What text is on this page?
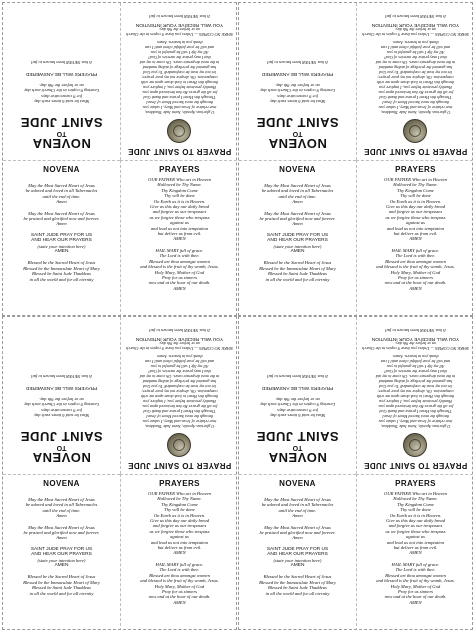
NOVENA

TO

SAINT JUDE

Must be said 6 times each day

for 9 consecutive days

Leaving 9 copies in the Church each day

on or before the 9th day.

PRAYERS WILL BE ANSWERED

It has NEVER been known to fail

PRAYER TO SAINT JUDE

O glorious Apostle, Saint Jude Thaddeus,

true relative of Jesus and Mary, I salute you

through the most Sacred Heart of Jesus!

Through this Heart I praise and thank God

for all the graces He has bestowed upon you.

Humbly prostrate before you, I implore you

through this Heart to look down upon me with

compassion. Oh, despise not my poor prayer;

let not my trust be confounded! To you God

has granted the privilege of aiding mankind

in the most desperate cases. Oh come to my aid

that I may praise the mercies of God!

All my life I will be grateful to you

and will be your faithful client until I can

thank you in heaven. Amen.

MAKE NO COPIES — Unless you leave 9 copies in the Church on or before the 9th day.

YOU WILL RECEIVE YOUR INTENTION

It has NEVER been known to fail

NOVENA

May the Most Sacred Heart of Jesus

be adored and loved in all Tabernacles

until the end of time.

Amen

May the Most Sacred Heart of Jesus

be praised and glorified now and forever.

Amen

SAINT JUDE PRAY FOR US

AND HEAR OUR PRAYERS

(state your intention here)

AMEN

Blessed be the Sacred Heart of Jesus

Blessed be the Immaculate Heart of Mary

Blessed be Saint Jude Thaddeus

in all the world and for all eternity

PRAYERS

OUR FATHER Who art in Heaven

Hallowed be Thy Name.

Thy Kingdom Come

Thy will be done

On Earth as it is in Heaven.

Give us this day our daily bread

and forgive us our trespasses

as we forgive those who trespass

against us

and lead us not into temptation

but deliver us from evil.

AMEN

HAIL MARY full of grace.

The Lord is with thee.

Blessed art thou amongst women

and blessed is the fruit of thy womb, Jesus.

Holy Mary, Mother of God

Pray for us sinners

now and at the hour of our death.

AMEN

NOVENA

TO

SAINT JUDE

Must be said 6 times each day

for 9 consecutive days

Leaving 9 copies in the Church each day

on or before the 9th day.

PRAYERS WILL BE ANSWERED

It has NEVER been known to fail

PRAYER TO SAINT JUDE

O glorious Apostle, Saint Jude Thaddeus,

true relative of Jesus and Mary, I salute you

through the most Sacred Heart of Jesus!

Through this Heart I praise and thank God

for all the graces He has bestowed upon you.

Humbly prostrate before you, I implore you

through this Heart to look down upon me with

compassion. Oh, despise not my poor prayer;

let not my trust be confounded! To you God

has granted the privilege of aiding mankind

in the most desperate cases. Oh come to my aid

that I may praise the mercies of God!

All my life I will be grateful to you

and will be your faithful client until I can

thank you in heaven. Amen.

MAKE NO COPIES — Unless you leave 9 copies in the Church on or before the 9th day.

YOU WILL RECEIVE YOUR INTENTION

It has NEVER been known to fail

NOVENA

May the Most Sacred Heart of Jesus

be adored and loved in all Tabernacles

until the end of time.

Amen

May the Most Sacred Heart of Jesus

be praised and glorified now and forever.

Amen

SAINT JUDE PRAY FOR US

AND HEAR OUR PRAYERS

(state your intention here)

AMEN

Blessed be the Sacred Heart of Jesus

Blessed be the Immaculate Heart of Mary

Blessed be Saint Jude Thaddeus

in all the world and for all eternity

PRAYERS

OUR FATHER Who art in Heaven

Hallowed be Thy Name.

Thy Kingdom Come

Thy will be done

On Earth as it is in Heaven.

Give us this day our daily bread

and forgive us our trespasses

as we forgive those who trespass

against us

and lead us not into temptation

but deliver us from evil.

AMEN

HAIL MARY full of grace.

The Lord is with thee.

Blessed art thou amongst women

and blessed is the fruit of thy womb, Jesus.

Holy Mary, Mother of God

Pray for us sinners

now and at the hour of our death.

AMEN

NOVENA

TO

SAINT JUDE

Must be said 6 times each day

for 9 consecutive days

Leaving 9 copies in the Church each day

on or before the 9th day.

PRAYERS WILL BE ANSWERED

It has NEVER been known to fail

PRAYER TO SAINT JUDE

O glorious Apostle, Saint Jude Thaddeus,

true relative of Jesus and Mary, I salute you

through the most Sacred Heart of Jesus!

Through this Heart I praise and thank God

for all the graces He has bestowed upon you.

Humbly prostrate before you, I implore you

through this Heart to look down upon me with

compassion. Oh, despise not my poor prayer;

let not my trust be confounded! To you God

has granted the privilege of aiding mankind

in the most desperate cases. Oh come to my aid

that I may praise the mercies of God!

All my life I will be grateful to you

and will be your faithful client until I can

thank you in heaven. Amen.

MAKE NO COPIES — Unless you leave 9 copies in the Church on or before the 9th day.

YOU WILL RECEIVE YOUR INTENTION

It has NEVER been known to fail

NOVENA

May the Most Sacred Heart of Jesus

be adored and loved in all Tabernacles

until the end of time.

Amen

May the Most Sacred Heart of Jesus

be praised and glorified now and forever.

Amen

SAINT JUDE PRAY FOR US

AND HEAR OUR PRAYERS

(state your intention here)

AMEN

Blessed be the Sacred Heart of Jesus

Blessed be the Immaculate Heart of Mary

Blessed be Saint Jude Thaddeus

in all the world and for all eternity

PRAYERS

OUR FATHER Who art in Heaven

Hallowed be Thy Name.

Thy Kingdom Come

Thy will be done

On Earth as it is in Heaven.

Give us this day our daily bread

and forgive us our trespasses

as we forgive those who trespass

against us

and lead us not into temptation

but deliver us from evil.

AMEN

HAIL MARY full of grace.

The Lord is with thee.

Blessed art thou amongst women

and blessed is the fruit of thy womb, Jesus.

Holy Mary, Mother of God

Pray for us sinners

now and at the hour of our death.

AMEN

NOVENA

TO

SAINT JUDE

Must be said 6 times each day

for 9 consecutive days

Leaving 9 copies in the Church each day

on or before the 9th day.

PRAYERS WILL BE ANSWERED

It has NEVER been known to fail

PRAYER TO SAINT JUDE

O glorious Apostle, Saint Jude Thaddeus,

true relative of Jesus and Mary, I salute you

through the most Sacred Heart of Jesus!

Through this Heart I praise and thank God

for all the graces He has bestowed upon you.

Humbly prostrate before you, I implore you

through this Heart to look down upon me with

compassion. Oh, despise not my poor prayer;

let not my trust be confounded! To you God

has granted the privilege of aiding mankind

in the most desperate cases. Oh come to my aid

that I may praise the mercies of God!

All my life I will be grateful to you

and will be your faithful client until I can

thank you in heaven. Amen.

MAKE NO COPIES — Unless you leave 9 copies in the Church on or before the 9th day.

YOU WILL RECEIVE YOUR INTENTION

It has NEVER been known to fail

NOVENA

May the Most Sacred Heart of Jesus

be adored and loved in all Tabernacles

until the end of time.

Amen

May the Most Sacred Heart of Jesus

be praised and glorified now and forever.

Amen

SAINT JUDE PRAY FOR US

AND HEAR OUR PRAYERS

(state your intention here)

AMEN

Blessed be the Sacred Heart of Jesus

Blessed be the Immaculate Heart of Mary

Blessed be Saint Jude Thaddeus

in all the world and for all eternity

PRAYERS

OUR FATHER Who art in Heaven

Hallowed be Thy Name.

Thy Kingdom Come

Thy will be done

On Earth as it is in Heaven.

Give us this day our daily bread

and forgive us our trespasses

as we forgive those who trespass

against us

and lead us not into temptation

but deliver us from evil.

AMEN

HAIL MARY full of grace.

The Lord is with thee.

Blessed art thou amongst women

and blessed is the fruit of thy womb, Jesus.

Holy Mary, Mother of God

Pray for us sinners

now and at the hour of our death.

AMEN
